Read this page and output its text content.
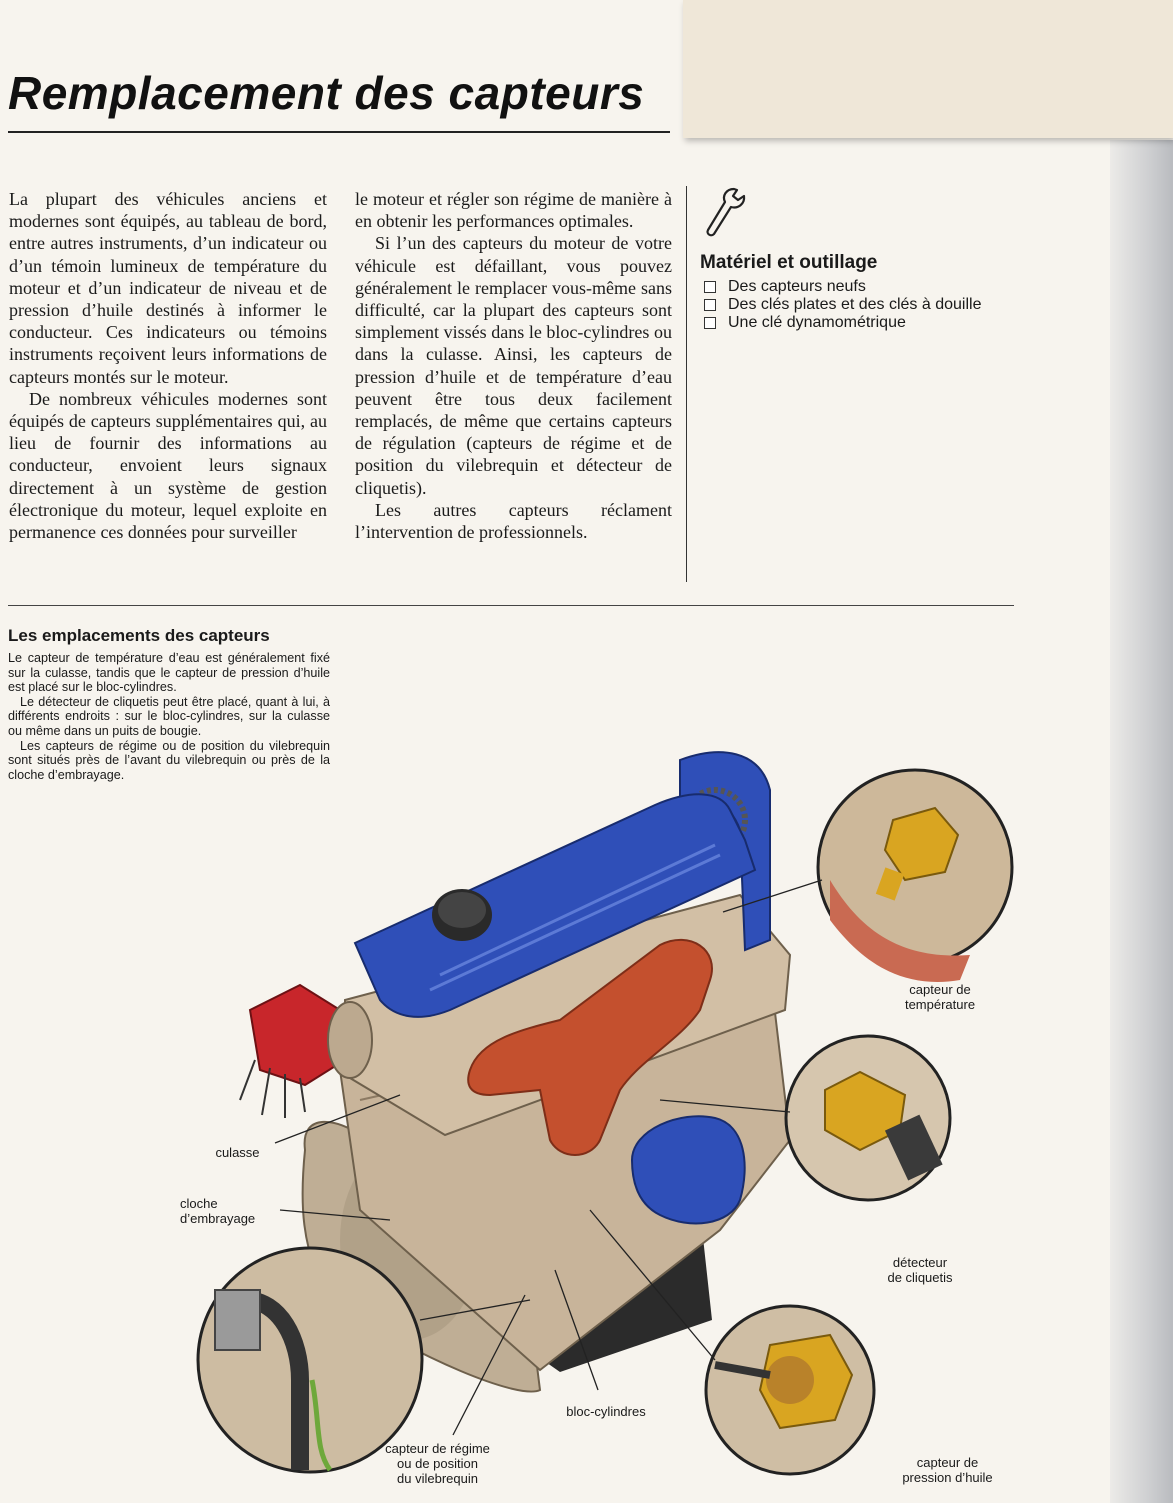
Remplacement des capteurs

La plupart des véhicules anciens et modernes sont équipés, au tableau de bord, entre autres instruments, d’un indicateur ou d’un témoin lumineux de température du moteur et d’un indicateur de niveau et de pression d’huile destinés à informer le conducteur. Ces indicateurs ou témoins instruments reçoivent leurs informations de capteurs montés sur le moteur.

De nombreux véhicules modernes sont équipés de capteurs supplémentaires qui, au lieu de fournir des informations au conducteur, envoient leurs signaux directement à un système de gestion électronique du moteur, lequel exploite en permanence ces données pour surveiller

le moteur et régler son régime de manière à en obtenir les performances optimales.

Si l’un des capteurs du moteur de votre véhicule est défaillant, vous pouvez généralement le remplacer vous-même sans difficulté, car la plupart des capteurs sont simplement vissés dans le bloc-cylindres ou dans la culasse. Ainsi, les capteurs de pression d’huile et de température d’eau peuvent être tous deux facilement remplacés, de même que certains capteurs de régulation (capteurs de régime et de position du vilebrequin et détecteur de cliquetis).

Les autres capteurs réclament l’intervention de professionnels.

Matériel et outillage
Des capteurs neufs
Des clés plates et des clés à douille
Une clé dynamométrique
Les emplacements des capteurs

Le capteur de température d’eau est généralement fixé sur la culasse, tandis que le capteur de pression d’huile est placé sur le bloc-cylindres.

Le détecteur de cliquetis peut être placé, quant à lui, à différents endroits : sur le bloc-cylindres, sur la culasse ou même dans un puits de bougie.

Les capteurs de régime ou de position du vilebrequin sont situés près de l’avant du vilebrequin ou près de la cloche d’embrayage.

culasse
cloche
d’embrayage
bloc-cylindres
capteur de régime
ou de position
du vilebrequin
capteur de
température
détecteur
de cliquetis
capteur de
pression d’huile
